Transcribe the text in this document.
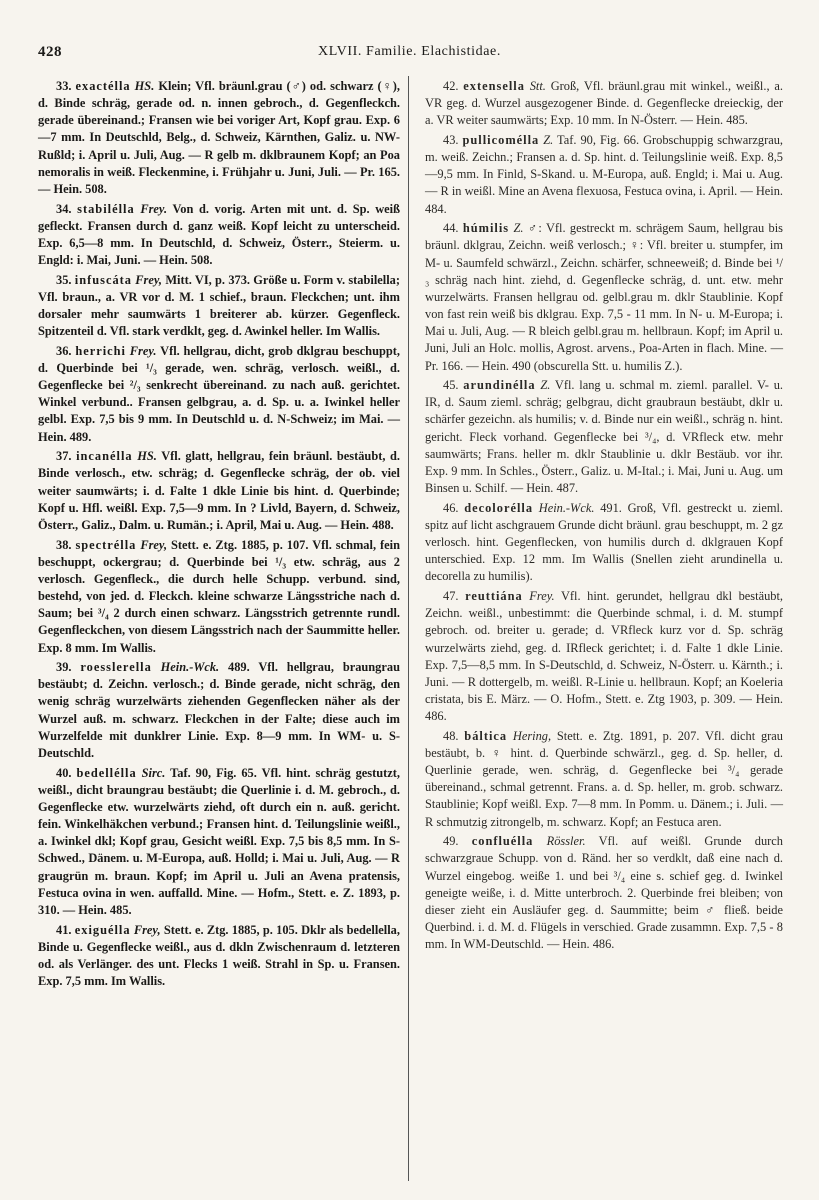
428	XLVII. Familie. Elachistidae.

33. exactélla HS. Klein; Vfl. bräunl.grau (♂) od. schwarz (♀), d. Binde schräg, gerade od. n. innen gebroch., d. Gegenfleckch. gerade übereinand.; Fransen wie bei voriger Art, Kopf grau. Exp. 6—7 mm. In Deutschld, Belg., d. Schweiz, Kärnthen, Galiz. u. NW-Rußld; i. April u. Juli, Aug. — R gelb m. dklbraunem Kopf; an Poa nemoralis in weiß. Fleckenmine, i. Frühjahr u. Juni, Juli. — Pr. 165. — Hein. 508.

34. stabilélla Frey. Von d. vorig. Arten mit unt. d. Sp. weiß gefleckt. Fransen durch d. ganz weiß. Kopf leicht zu unterscheid. Exp. 6,5—8 mm. In Deutschld, d. Schweiz, Österr., Steierm. u. Engld: i. Mai, Juni. — Hein. 508.

35. infuscáta Frey, Mitt. VI, p. 373. Größe u. Form v. stabilella; Vfl. braun., a. VR vor d. M. 1 schief., braun. Fleckchen; unt. ihm dorsaler mehr saumwärts 1 breiterer ab. kürzer. Gegenfleck. Spitzenteil d. Vfl. stark verdklt, geg. d. Awinkel heller. Im Wallis.

36. herrichi Frey. Vfl. hellgrau, dicht, grob dklgrau beschuppt, d. Querbinde bei ¹/₃ gerade, wen. schräg, verlosch. weißl., d. Gegenflecke bei ²/₃ senkrecht übereinand. zu nach auß. gerichtet. Winkel verbund.. Fransen gelbgrau, a. d. Sp. u. a. Iwinkel heller gelbl. Exp. 7,5 bis 9 mm. In Deutschld u. d. N-Schweiz; im Mai. — Hein. 489.

37. incanélla HS. Vfl. glatt, hellgrau, fein bräunl. bestäubt, d. Binde verlosch., etw. schräg; d. Gegenflecke schräg, der ob. viel weiter saumwärts; i. d. Falte 1 dkle Linie bis hint. d. Querbinde; Kopf u. Hfl. weißl. Exp. 7,5—9 mm. In ? Livld, Bayern, d. Schweiz, Österr., Galiz., Dalm. u. Rumän.; i. April, Mai u. Aug. — Hein. 488.

38. spectrélla Frey, Stett. e. Ztg. 1885, p. 107. Vfl. schmal, fein beschuppt, ockergrau; d. Querbinde bei ¹/₃ etw. schräg, aus 2 verlosch. Gegenfleck., die durch helle Schupp. verbund. sind, bestehd, von jed. d. Fleckch. kleine schwarze Längsstriche nach d. Saum; bei ³/₄ 2 durch einen schwarz. Längsstrich getrennte rundl. Gegenfleckchen, von diesem Längsstrich nach der Saummitte heller. Exp. 8 mm. Im Wallis.

39. roesslerella Hein.-Wck. 489. Vfl. hellgrau, braungrau bestäubt; d. Zeichn. verlosch.; d. Binde gerade, nicht schräg, den wenig schräg wurzelwärts ziehenden Gegenflecken näher als der Wurzel auß. m. schwarz. Fleckchen in der Falte; diese auch im Wurzelfelde mit dunklrer Linie. Exp. 8—9 mm. In WM- u. S-Deutschld.

40. bedellélla Sirc. Taf. 90, Fig. 65. Vfl. hint. schräg gestutzt, weißl., dicht braungrau bestäubt; die Querlinie i. d. M. gebroch., d. Gegenflecke etw. wurzelwärts ziehd, oft durch ein n. auß. gericht. fein. Winkelhäkchen verbund.; Fransen hint. d. Teilungslinie weißl., a. Iwinkel dkl; Kopf grau, Gesicht weißl. Exp. 7,5 bis 8,5 mm. In S-Schwed., Dänem. u. M-Europa, auß. Holld; i. Mai u. Juli, Aug. — R graugrün m. braun. Kopf; im April u. Juli an Avena pratensis, Festuca ovina in wen. auffalld. Mine. — Hofm., Stett. e. Z. 1893, p. 310. — Hein. 485.

41. exiguélla Frey, Stett. e. Ztg. 1885, p. 105. Dklr als bedellella, Binde u. Gegenflecke weißl., aus d. dkln Zwischenraum d. letzteren od. als Verlänger. des unt. Flecks 1 weiß. Strahl in Sp. u. Fransen. Exp. 7,5 mm. Im Wallis.

42. extensella Stt. Groß, Vfl. bräunl.grau mit winkel., weißl., a. VR geg. d. Wurzel ausgezogener Binde. d. Gegenflecke dreieckig, der a. VR weiter saumwärts; Exp. 10 mm. In N-Österr. — Hein. 485.

43. pullicomélla Z. Taf. 90, Fig. 66. Grobschuppig schwarzgrau, m. weiß. Zeichn.; Fransen a. d. Sp. hint. d. Teilungslinie weiß. Exp. 8,5—9,5 mm. In Finld, S-Skand. u. M-Europa, auß. Engld; i. Mai u. Aug. — R in weißl. Mine an Avena flexuosa, Festuca ovina, i. April. — Hein. 484.

44. húmilis Z. ♂: Vfl. gestreckt m. schrägem Saum, hellgrau bis bräunl. dklgrau, Zeichn. weiß verlosch.; ♀: Vfl. breiter u. stumpfer, im M- u. Saumfeld schwärzl., Zeichn. schärfer, schneeweiß; d. Binde bei ¹/₃ schräg nach hint. ziehd, d. Gegenflecke schräg, d. unt. etw. mehr wurzelwärts. Fransen hellgrau od. gelbl.grau m. dklr Staublinie. Kopf von fast rein weiß bis dklgrau. Exp. 7,5 - 11 mm. In N- u. M-Europa; i. Mai u. Juli, Aug. — R bleich gelbl.grau m. hellbraun. Kopf; im April u. Juni, Juli an Holc. mollis, Agrost. arvens., Poa-Arten in flach. Mine. — Pr. 166. — Hein. 490 (obscurella Stt. u. humilis Z.).

45. arundinélla Z. Vfl. lang u. schmal m. zieml. parallel. V- u. IR, d. Saum zieml. schräg; gelbgrau, dicht graubraun bestäubt, dklr u. schärfer gezeichn. als humilis; v. d. Binde nur ein weißl., schräg n. hint. gericht. Fleck vorhand. Gegenflecke bei ³/₄, d. VRfleck etw. mehr saumwärts; Frans. heller m. dklr Staublinie u. dklr Bestäub. vor ihr. Exp. 9 mm. In Schles., Österr., Galiz. u. M-Ital.; i. Mai, Juni u. Aug. um Binsen u. Schilf. — Hein. 487.

46. decolorélla Hein.-Wck. 491. Groß, Vfl. gestreckt u. zieml. spitz auf licht aschgrauem Grunde dicht bräunl. grau beschuppt, m. 2 gz verlosch. hint. Gegenflecken, von humilis durch d. dklgrauen Kopf unterschied. Exp. 12 mm. Im Wallis (Snellen zieht arundinella u. decorella zu humilis).

47. reuttiána Frey. Vfl. hint. gerundet, hellgrau dkl bestäubt, Zeichn. weißl., unbestimmt: die Querbinde schmal, i. d. M. stumpf gebroch. od. breiter u. gerade; d. VRfleck kurz vor d. Sp. schräg wurzelwärts ziehd, geg. d. IRfleck gerichtet; i. d. Falte 1 dkle Linie. Exp. 7,5—8,5 mm. In S-Deutschld, d. Schweiz, N-Österr. u. Kärnth.; i. Juni. — R dottergelb, m. weißl. R-Linie u. hellbraun. Kopf; an Koeleria cristata, bis E. März. — O. Hofm., Stett. e. Ztg 1903, p. 309. — Hein. 486.

48. báltica Hering, Stett. e. Ztg. 1891, p. 207. Vfl. dicht grau bestäubt, b. ♀ hint. d. Querbinde schwärzl., geg. d. Sp. heller, d. Querlinie gerade, wen. schräg, d. Gegenflecke bei ³/₄ gerade übereinand., schmal getrennt. Frans. a. d. Sp. heller, m. grob. schwarz. Staublinie; Kopf weißl. Exp. 7—8 mm. In Pomm. u. Dänem.; i. Juli. — R schmutzig zitrongelb, m. schwarz. Kopf; an Festuca aren.

49. confluélla Rössler. Vfl. auf weißl. Grunde durch schwarzgraue Schupp. von d. Ränd. her so verdklt, daß eine nach d. Wurzel eingebog. weiße 1. und bei ³/₄ eine s. schief geg. d. Iwinkel geneigte weiße, i. d. Mitte unterbroch. 2. Querbinde frei bleiben; von dieser zieht ein Ausläufer geg. d. Saummitte; beim ♂ fließ. beide Querbind. i. d. M. d. Flügels in verschied. Grade zusammn. Exp. 7,5 - 8 mm. In WM-Deutschld. — Hein. 486.
